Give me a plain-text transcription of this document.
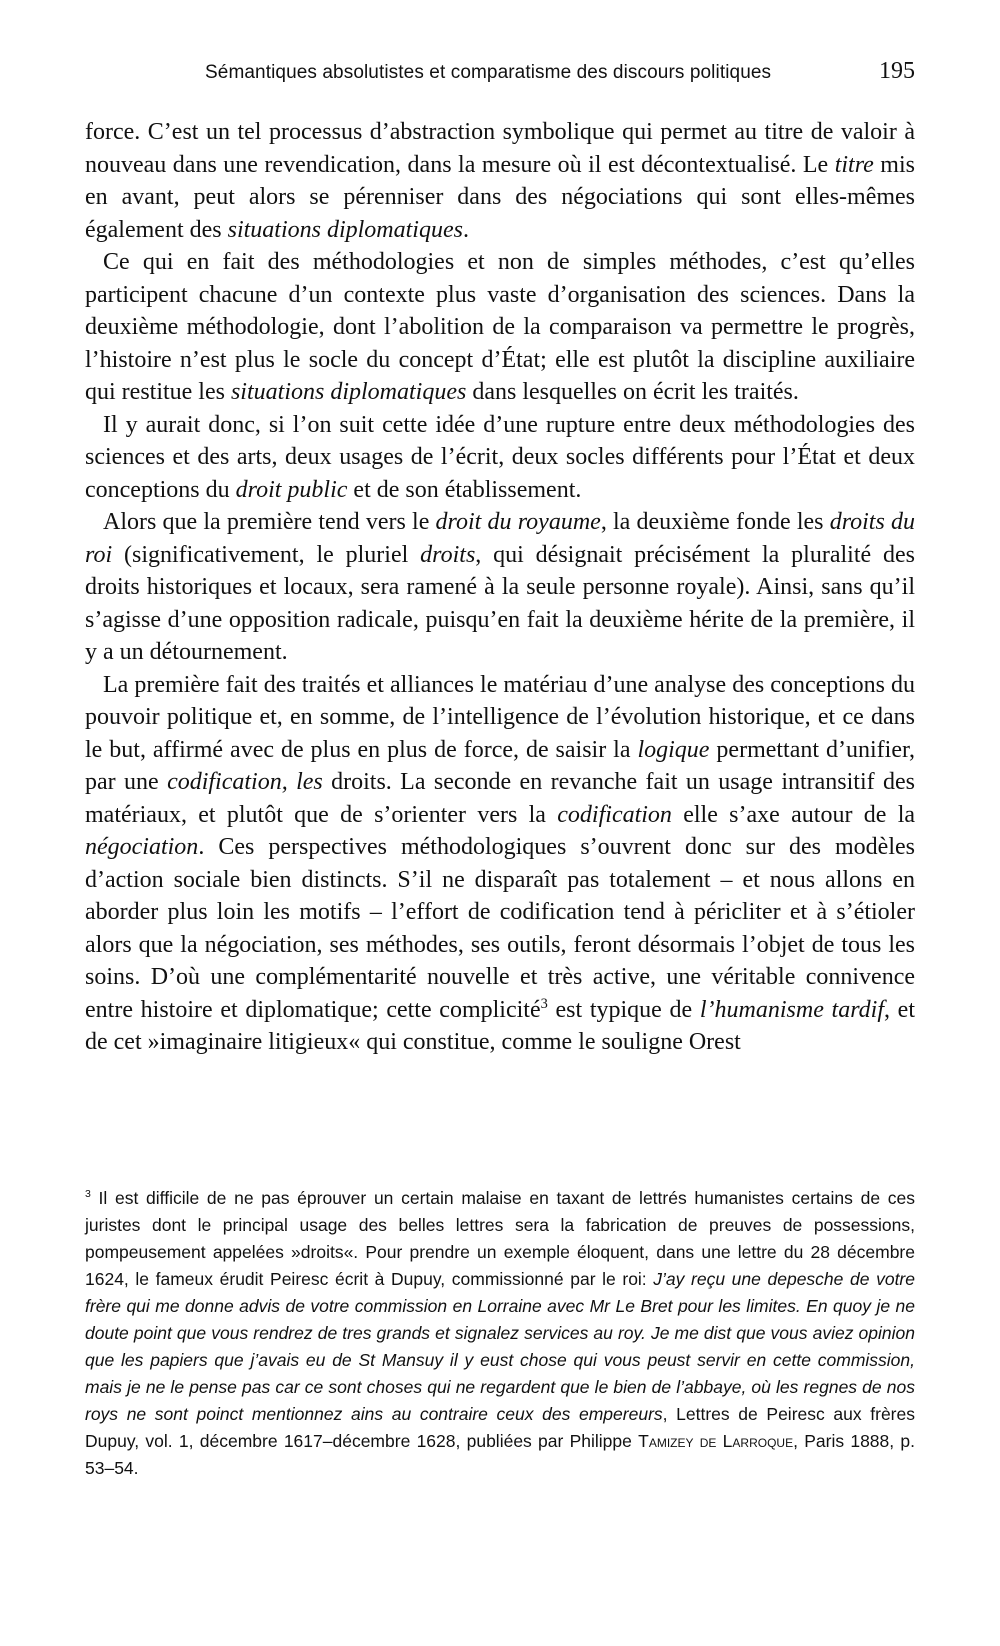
Sémantiques absolutistes et comparatisme des discours politiques	195

force. C’est un tel processus d’abstraction symbolique qui permet au titre de valoir à nouveau dans une revendication, dans la mesure où il est décontextualisé. Le titre mis en avant, peut alors se pérenniser dans des négociations qui sont elles-mêmes également des situations diplomatiques.

Ce qui en fait des méthodologies et non de simples méthodes, c’est qu’elles participent chacune d’un contexte plus vaste d’organisation des sciences. Dans la deuxième méthodologie, dont l’abolition de la comparaison va permettre le progrès, l’histoire n’est plus le socle du concept d’État; elle est plutôt la discipline auxiliaire qui restitue les situations diplomatiques dans lesquelles on écrit les traités.

Il y aurait donc, si l’on suit cette idée d’une rupture entre deux méthodologies des sciences et des arts, deux usages de l’écrit, deux socles différents pour l’État et deux conceptions du droit public et de son établissement.

Alors que la première tend vers le droit du royaume, la deuxième fonde les droits du roi (significativement, le pluriel droits, qui désignait précisément la pluralité des droits historiques et locaux, sera ramené à la seule personne royale). Ainsi, sans qu’il s’agisse d’une opposition radicale, puisqu’en fait la deuxième hérite de la première, il y a un détournement.

La première fait des traités et alliances le matériau d’une analyse des conceptions du pouvoir politique et, en somme, de l’intelligence de l’évolution historique, et ce dans le but, affirmé avec de plus en plus de force, de saisir la logique permettant d’unifier, par une codification, les droits. La seconde en revanche fait un usage intransitif des matériaux, et plutôt que de s’orienter vers la codification elle s’axe autour de la négociation. Ces perspectives méthodologiques s’ouvrent donc sur des modèles d’action sociale bien distincts. S’il ne disparaît pas totalement – et nous allons en aborder plus loin les motifs – l’effort de codification tend à péricliter et à s’étioler alors que la négociation, ses méthodes, ses outils, feront désormais l’objet de tous les soins. D’où une complémentarité nouvelle et très active, une véritable connivence entre histoire et diplomatique; cette complicité$^3$ est typique de l’humanisme tardif, et de cet »imaginaire litigieux« qui constitue, comme le souligne Orest

$^3$ Il est difficile de ne pas éprouver un certain malaise en taxant de lettrés humanistes certains de ces juristes dont le principal usage des belles lettres sera la fabrication de preuves de possessions, pompeusement appelées »droits«. Pour prendre un exemple éloquent, dans une lettre du 28 décembre 1624, le fameux érudit Peiresc écrit à Dupuy, commissionné par le roi: J’ay reçu une depesche de votre frère qui me donne advis de votre commission en Lorraine avec Mr Le Bret pour les limites. En quoy je ne doute point que vous rendrez de tres grands et signalez services au roy. Je me dist que vous aviez opinion que les papiers que j’avais eu de St Mansuy il y eust chose qui vous peust servir en cette commission, mais je ne le pense pas car ce sont choses qui ne regardent que le bien de l’abbaye, où les regnes de nos roys ne sont poinct mentionnez ains au contraire ceux des empereurs, Lettres de Peiresc aux frères Dupuy, vol. 1, décembre 1617–décembre 1628, publiées par Philippe Tamizey de Larroque, Paris 1888, p. 53–54.
